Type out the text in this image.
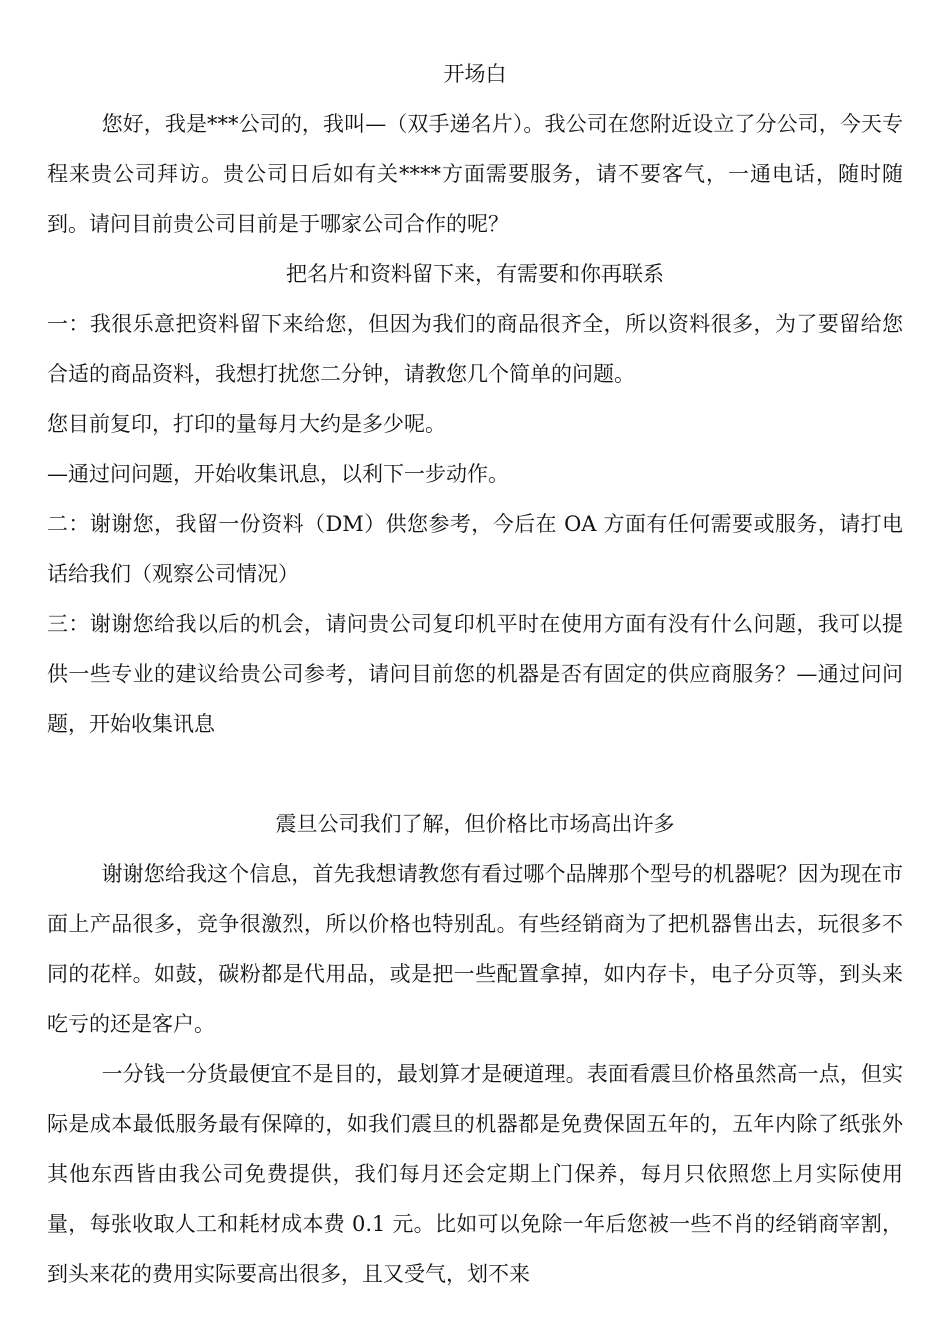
开场白

您好，我是***公司的，我叫—（双手递名片）。我公司在您附近设立了分公司，今天专程来贵公司拜访。贵公司日后如有关****方面需要服务，请不要客气，一通电话，随时随到。请问目前贵公司目前是于哪家公司合作的呢？

把名片和资料留下来，有需要和你再联系

一：我很乐意把资料留下来给您，但因为我们的商品很齐全，所以资料很多，为了要留给您合适的商品资料，我想打扰您二分钟，请教您几个简单的问题。

您目前复印，打印的量每月大约是多少呢。

—通过问问题，开始收集讯息，以利下一步动作。

二：谢谢您，我留一份资料（DM）供您参考，今后在 OA 方面有任何需要或服务，请打电话给我们（观察公司情况）

三：谢谢您给我以后的机会，请问贵公司复印机平时在使用方面有没有什么问题，我可以提供一些专业的建议给贵公司参考，请问目前您的机器是否有固定的供应商服务？—通过问问题，开始收集讯息

震旦公司我们了解，但价格比市场高出许多

谢谢您给我这个信息，首先我想请教您有看过哪个品牌那个型号的机器呢？因为现在市面上产品很多，竞争很激烈，所以价格也特别乱。有些经销商为了把机器售出去，玩很多不同的花样。如鼓，碳粉都是代用品，或是把一些配置拿掉，如内存卡，电子分页等，到头来吃亏的还是客户。

一分钱一分货最便宜不是目的，最划算才是硬道理。表面看震旦价格虽然高一点，但实际是成本最低服务最有保障的，如我们震旦的机器都是免费保固五年的，五年内除了纸张外其他东西皆由我公司免费提供，我们每月还会定期上门保养，每月只依照您上月实际使用量，每张收取人工和耗材成本费 0.1 元。比如可以免除一年后您被一些不肖的经销商宰割，到头来花的费用实际要高出很多，且又受气，划不来
